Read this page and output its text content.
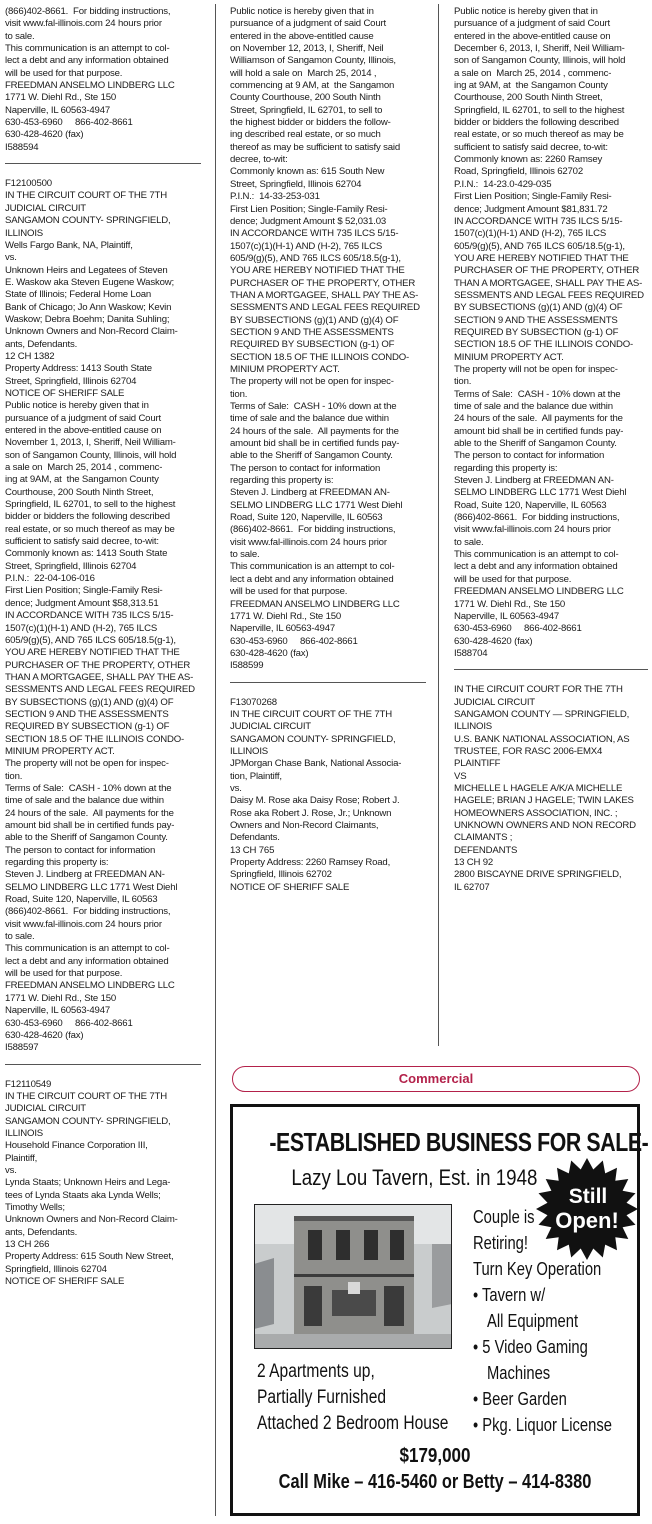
(866)402-8661.  For bidding instructions,
visit www.fal-illinois.com 24 hours prior
to sale.
This communication is an attempt to col-
lect a debt and any information obtained
will be used for that purpose.
FREEDMAN ANSELMO LINDBERG LLC
1771 W. Diehl Rd., Ste 150
Naperville, IL 60563-4947
630-453-6960     866-402-8661
630-428-4620 (fax)
I588594
F12100500
IN THE CIRCUIT COURT OF THE 7TH
JUDICIAL CIRCUIT
SANGAMON COUNTY- SPRINGFIELD,
ILLINOIS
Wells Fargo Bank, NA, Plaintiff,
vs.
Unknown Heirs and Legatees of Steven
E. Waskow aka Steven Eugene Waskow;
State of Illinois; Federal Home Loan
Bank of Chicago; Jo Ann Waskow; Kevin
Waskow; Debra Boehm; Danita Suhling;
Unknown Owners and Non-Record Claim-
ants, Defendants.
12 CH 1382
Property Address: 1413 South State
Street, Springfield, Illinois 62704
NOTICE OF SHERIFF SALE
Public notice is hereby given that in
pursuance of a judgment of said Court
entered in the above-entitled cause on
November 1, 2013, I, Sheriff, Neil William-
son of Sangamon County, Illinois, will hold
a sale on  March 25, 2014 , commenc-
ing at 9AM, at  the Sangamon County
Courthouse, 200 South Ninth Street,
Springfield, IL 62701, to sell to the highest
bidder or bidders the following described
real estate, or so much thereof as may be
sufficient to satisfy said decree, to-wit:
Commonly known as: 1413 South State
Street, Springfield, Illinois 62704
P.I.N.:  22-04-106-016
First Lien Position; Single-Family Resi-
dence; Judgment Amount $58,313.51
IN ACCORDANCE WITH 735 ILCS 5/15-
1507(c)(1)(H-1) AND (H-2), 765 ILCS
605/9(g)(5), AND 765 ILCS 605/18.5(g-1),
YOU ARE HEREBY NOTIFIED THAT THE
PURCHASER OF THE PROPERTY, OTHER
THAN A MORTGAGEE, SHALL PAY THE AS-
SESSMENTS AND LEGAL FEES REQUIRED
BY SUBSECTIONS (g)(1) AND (g)(4) OF
SECTION 9 AND THE ASSESSMENTS
REQUIRED BY SUBSECTION (g-1) OF
SECTION 18.5 OF THE ILLINOIS CONDO-
MINIUM PROPERTY ACT.
The property will not be open for inspec-
tion.
Terms of Sale:  CASH - 10% down at the
time of sale and the balance due within
24 hours of the sale.  All payments for the
amount bid shall be in certified funds pay-
able to the Sheriff of Sangamon County.
The person to contact for information
regarding this property is:
Steven J. Lindberg at FREEDMAN AN-
SELMO LINDBERG LLC 1771 West Diehl
Road, Suite 120, Naperville, IL 60563
(866)402-8661.  For bidding instructions,
visit www.fal-illinois.com 24 hours prior
to sale.
This communication is an attempt to col-
lect a debt and any information obtained
will be used for that purpose.
FREEDMAN ANSELMO LINDBERG LLC
1771 W. Diehl Rd., Ste 150
Naperville, IL 60563-4947
630-453-6960     866-402-8661
630-428-4620 (fax)
I588597
F12110549
IN THE CIRCUIT COURT OF THE 7TH
JUDICIAL CIRCUIT
SANGAMON COUNTY- SPRINGFIELD,
ILLINOIS
Household Finance Corporation III,
Plaintiff,
vs.
Lynda Staats; Unknown Heirs and Lega-
tees of Lynda Staats aka Lynda Wells;
Timothy Wells;
Unknown Owners and Non-Record Claim-
ants, Defendants.
13 CH 266
Property Address: 615 South New Street,
Springfield, Illinois 62704
NOTICE OF SHERIFF SALE
Public notice is hereby given that in
pursuance of a judgment of said Court
entered in the above-entitled cause
on November 12, 2013, I, Sheriff, Neil
Williamson of Sangamon County, Illinois,
will hold a sale on  March 25, 2014 ,
commencing at 9 AM, at  the Sangamon
County Courthouse, 200 South Ninth
Street, Springfield, IL 62701, to sell to
the highest bidder or bidders the follow-
ing described real estate, or so much
thereof as may be sufficient to satisfy said
decree, to-wit:
Commonly known as: 615 South New
Street, Springfield, Illinois 62704
P.I.N.:  14-33-253-031
First Lien Position; Single-Family Resi-
dence; Judgment Amount $ 52,031.03
IN ACCORDANCE WITH 735 ILCS 5/15-
1507(c)(1)(H-1) AND (H-2), 765 ILCS
605/9(g)(5), AND 765 ILCS 605/18.5(g-1),
YOU ARE HEREBY NOTIFIED THAT THE
PURCHASER OF THE PROPERTY, OTHER
THAN A MORTGAGEE, SHALL PAY THE AS-
SESSMENTS AND LEGAL FEES REQUIRED
BY SUBSECTIONS (g)(1) AND (g)(4) OF
SECTION 9 AND THE ASSESSMENTS
REQUIRED BY SUBSECTION (g-1) OF
SECTION 18.5 OF THE ILLINOIS CONDO-
MINIUM PROPERTY ACT.
The property will not be open for inspec-
tion.
Terms of Sale:  CASH - 10% down at the
time of sale and the balance due within
24 hours of the sale.  All payments for the
amount bid shall be in certified funds pay-
able to the Sheriff of Sangamon County.
The person to contact for information
regarding this property is:
Steven J. Lindberg at FREEDMAN AN-
SELMO LINDBERG LLC 1771 West Diehl
Road, Suite 120, Naperville, IL 60563
(866)402-8661.  For bidding instructions,
visit www.fal-illinois.com 24 hours prior
to sale.
This communication is an attempt to col-
lect a debt and any information obtained
will be used for that purpose.
FREEDMAN ANSELMO LINDBERG LLC
1771 W. Diehl Rd., Ste 150
Naperville, IL 60563-4947
630-453-6960     866-402-8661
630-428-4620 (fax)
I588599
F13070268
IN THE CIRCUIT COURT OF THE 7TH
JUDICIAL CIRCUIT
SANGAMON COUNTY- SPRINGFIELD,
ILLINOIS
JPMorgan Chase Bank, National Associa-
tion, Plaintiff,
vs.
Daisy M. Rose aka Daisy Rose; Robert J.
Rose aka Robert J. Rose, Jr.; Unknown
Owners and Non-Record Claimants,
Defendants.
13 CH 765
Property Address: 2260 Ramsey Road,
Springfield, Illinois 62702
NOTICE OF SHERIFF SALE
Public notice is hereby given that in
pursuance of a judgment of said Court
entered in the above-entitled cause on
December 6, 2013, I, Sheriff, Neil William-
son of Sangamon County, Illinois, will hold
a sale on  March 25, 2014 , commenc-
ing at 9AM, at  the Sangamon County
Courthouse, 200 South Ninth Street,
Springfield, IL 62701, to sell to the highest
bidder or bidders the following described
real estate, or so much thereof as may be
sufficient to satisfy said decree, to-wit:
Commonly known as: 2260 Ramsey
Road, Springfield, Illinois 62702
P.I.N.:  14-23.0-429-035
First Lien Position; Single-Family Resi-
dence; Judgment Amount $81,831.72
IN ACCORDANCE WITH 735 ILCS 5/15-
1507(c)(1)(H-1) AND (H-2), 765 ILCS
605/9(g)(5), AND 765 ILCS 605/18.5(g-1),
YOU ARE HEREBY NOTIFIED THAT THE
PURCHASER OF THE PROPERTY, OTHER
THAN A MORTGAGEE, SHALL PAY THE AS-
SESSMENTS AND LEGAL FEES REQUIRED
BY SUBSECTIONS (g)(1) AND (g)(4) OF
SECTION 9 AND THE ASSESSMENTS
REQUIRED BY SUBSECTION (g-1) OF
SECTION 18.5 OF THE ILLINOIS CONDO-
MINIUM PROPERTY ACT.
The property will not be open for inspec-
tion.
Terms of Sale:  CASH - 10% down at the
time of sale and the balance due within
24 hours of the sale.  All payments for the
amount bid shall be in certified funds pay-
able to the Sheriff of Sangamon County.
The person to contact for information
regarding this property is:
Steven J. Lindberg at FREEDMAN AN-
SELMO LINDBERG LLC 1771 West Diehl
Road, Suite 120, Naperville, IL 60563
(866)402-8661.  For bidding instructions,
visit www.fal-illinois.com 24 hours prior
to sale.
This communication is an attempt to col-
lect a debt and any information obtained
will be used for that purpose.
FREEDMAN ANSELMO LINDBERG LLC
1771 W. Diehl Rd., Ste 150
Naperville, IL 60563-4947
630-453-6960     866-402-8661
630-428-4620 (fax)
I588704
IN THE CIRCUIT COURT FOR THE 7TH
JUDICIAL CIRCUIT
SANGAMON COUNTY — SPRINGFIELD,
ILLINOIS
U.S. BANK NATIONAL ASSOCIATION, AS
TRUSTEE, FOR RASC 2006-EMX4
PLAINTIFF
VS
MICHELLE L HAGELE A/K/A MICHELLE
HAGELE; BRIAN J HAGELE; TWIN LAKES
HOMEOWNERS ASSOCIATION, INC. ;
UNKNOWN OWNERS AND NON RECORD
CLAIMANTS ;
DEFENDANTS
13 CH 92
2800 BISCAYNE DRIVE SPRINGFIELD,
IL 62707
Commercial
-ESTABLISHED BUSINESS FOR SALE-
Lazy Lou Tavern, Est. in 1948
Still
Open!
Couple is
Retiring!
Turn Key Operation
• Tavern w/
All Equipment
• 5 Video Gaming
Machines
• Beer Garden
• Pkg. Liquor License
2 Apartments up,
Partially Furnished
Attached 2 Bedroom House
$179,000
Call Mike – 416-5460 or Betty – 414-8380
